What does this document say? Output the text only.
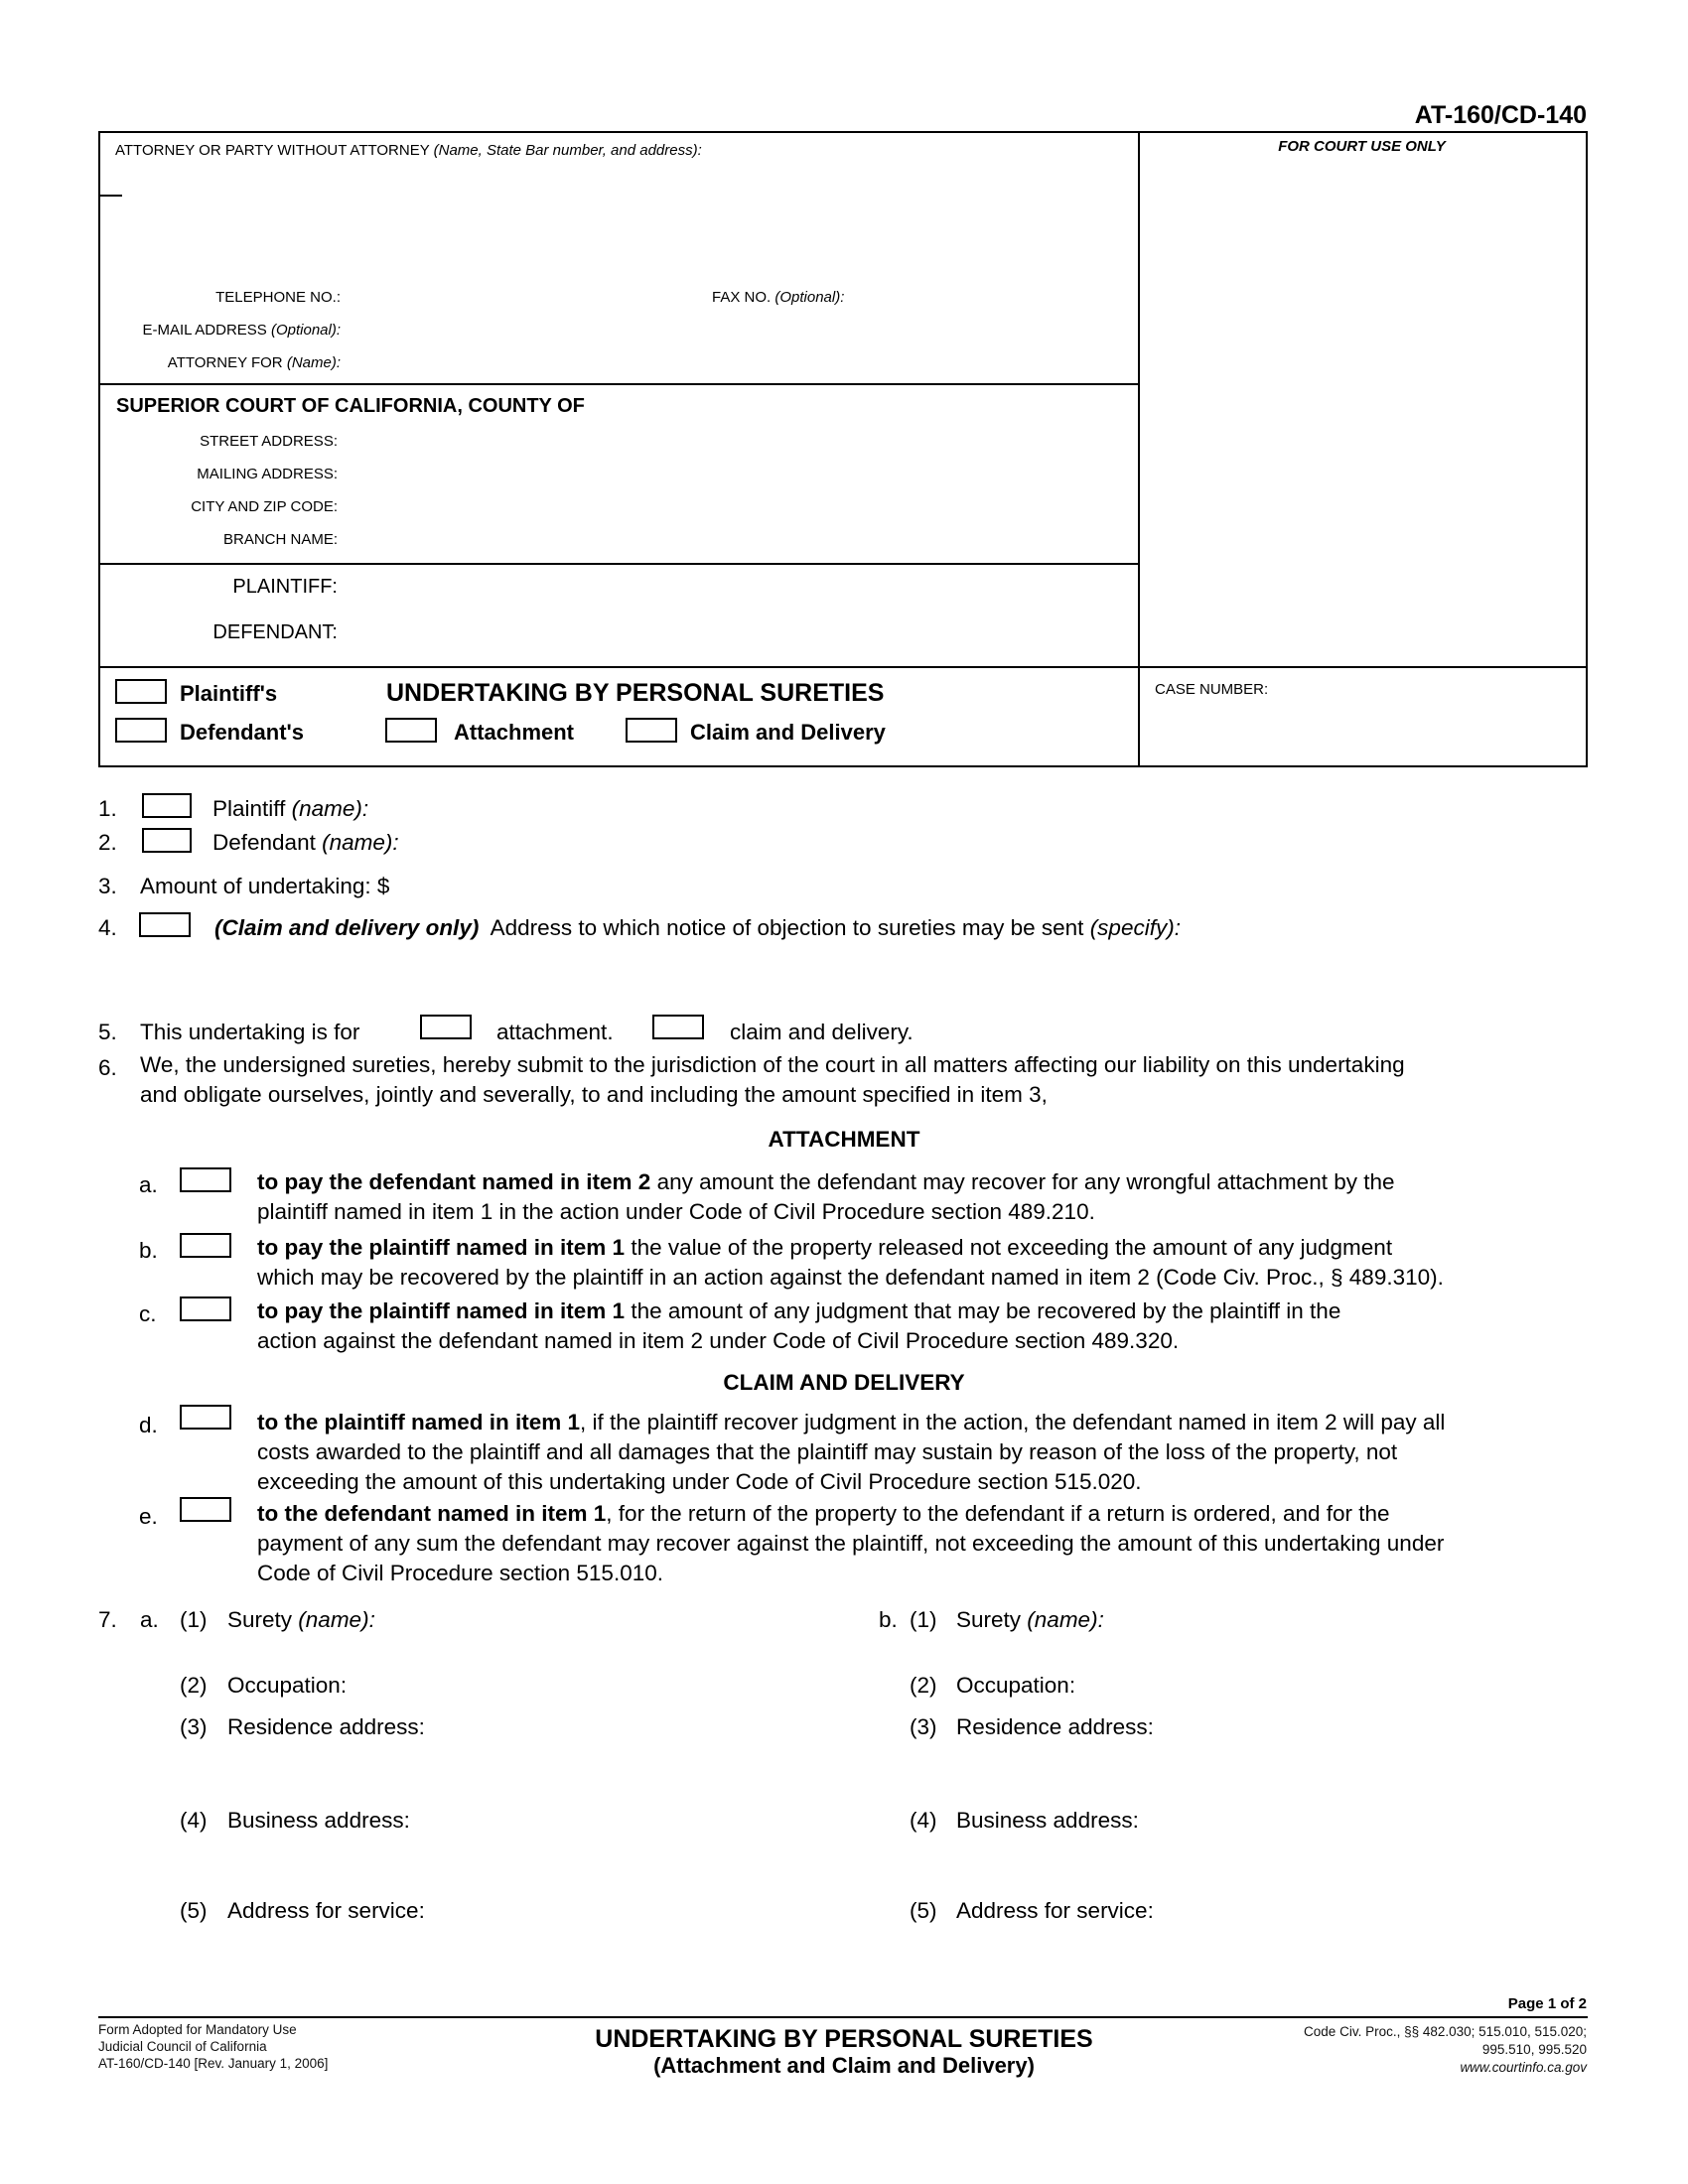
AT-160/CD-140
ATTORNEY OR PARTY WITHOUT ATTORNEY (Name, State Bar number, and address):	FOR COURT USE ONLY
TELEPHONE NO.:	FAX NO. (Optional):
E-MAIL ADDRESS (Optional):
ATTORNEY FOR (Name):
SUPERIOR COURT OF CALIFORNIA, COUNTY OF
STREET ADDRESS:
MAILING ADDRESS:
CITY AND ZIP CODE:
BRANCH NAME:
PLAINTIFF:
DEFENDANT:
Plaintiff's
Defendant's
UNDERTAKING BY PERSONAL SURETIES
Attachment	Claim and Delivery
CASE NUMBER:
1.	Plaintiff (name):
2.	Defendant (name):
3. Amount of undertaking: $
4.	(Claim and delivery only) Address to which notice of objection to sureties may be sent (specify):
5. This undertaking is for	attachment.	claim and delivery.
6. We, the undersigned sureties, hereby submit to the jurisdiction of the court in all matters affecting our liability on this undertaking
and obligate ourselves, jointly and severally, to and including the amount specified in item 3,
ATTACHMENT
a.	to pay the defendant named in item 2 any amount the defendant may recover for any wrongful attachment by the
plaintiff named in item 1 in the action under Code of Civil Procedure section 489.210.
b.	to pay the plaintiff named in item 1 the value of the property released not exceeding the amount of any judgment
which may be recovered by the plaintiff in an action against the defendant named in item 2 (Code Civ. Proc., § 489.310).
c.	to pay the plaintiff named in item 1 the amount of any judgment that may be recovered by the plaintiff in the
action against the defendant named in item 2 under Code of Civil Procedure section 489.320.
CLAIM AND DELIVERY
d.	to the plaintiff named in item 1, if the plaintiff recover judgment in the action, the defendant named in item 2 will pay all
costs awarded to the plaintiff and all damages that the plaintiff may sustain by reason of the loss of the property, not
exceeding the amount of this undertaking under Code of Civil Procedure section 515.020.
e.	to the defendant named in item 1, for the return of the property to the defendant if a return is ordered, and for the
payment of any sum the defendant may recover against the plaintiff, not exceeding the amount of this undertaking under
Code of Civil Procedure section 515.010.
7. a. (1) Surety (name):
(2) Occupation:
(3) Residence address:
(4) Business address:
(5) Address for service:
b. (1) Surety (name):
(2) Occupation:
(3) Residence address:
(4) Business address:
(5) Address for service:
Page 1 of 2
Form Adopted for Mandatory Use
Judicial Council of California
AT-160/CD-140 [Rev. January 1, 2006]
UNDERTAKING BY PERSONAL SURETIES
(Attachment and Claim and Delivery)
Code Civ. Proc., §§ 482.030; 515.010, 515.020;
995.510, 995.520
www.courtinfo.ca.gov
